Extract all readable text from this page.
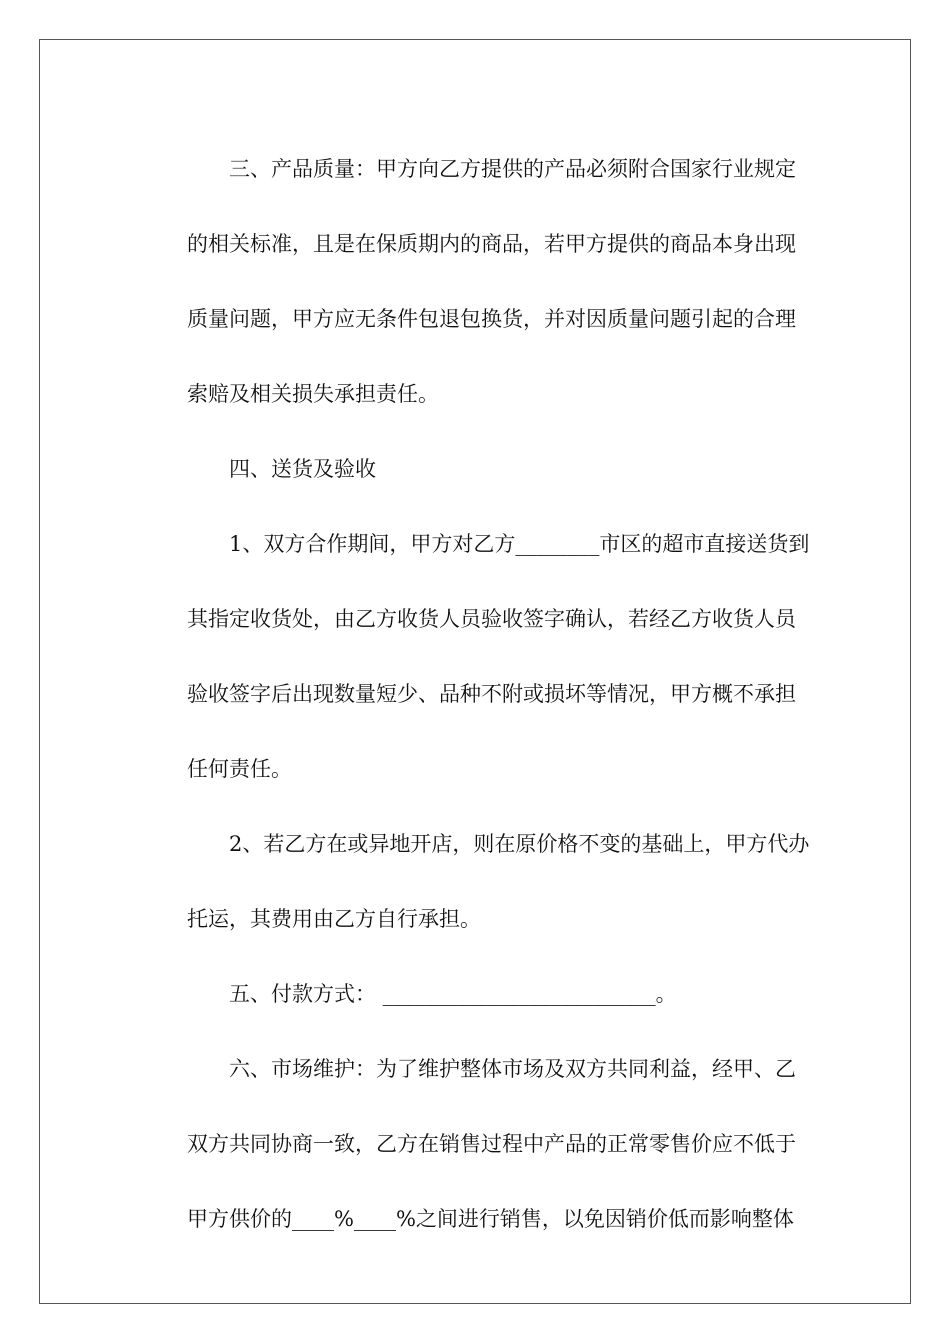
三、产品质量：甲方向乙方提供的产品必须附合国家行业规定
的相关标准，且是在保质期内的商品，若甲方提供的商品本身出现
质量问题，甲方应无条件包退包换货，并对因质量问题引起的合理
索赔及相关损失承担责任。
四、送货及验收
1、双方合作期间，甲方对乙方________市区的超市直接送货到
其指定收货处，由乙方收货人员验收签字确认，若经乙方收货人员
验收签字后出现数量短少、品种不附或损坏等情况，甲方概不承担
任何责任。
2、若乙方在或异地开店，则在原价格不变的基础上，甲方代办
托运，其费用由乙方自行承担。
五、付款方式： __________________________。
六、市场维护：为了维护整体市场及双方共同利益，经甲、乙
双方共同协商一致，乙方在销售过程中产品的正常零售价应不低于
甲方供价的____%____%之间进行销售，以免因销价低而影响整体
